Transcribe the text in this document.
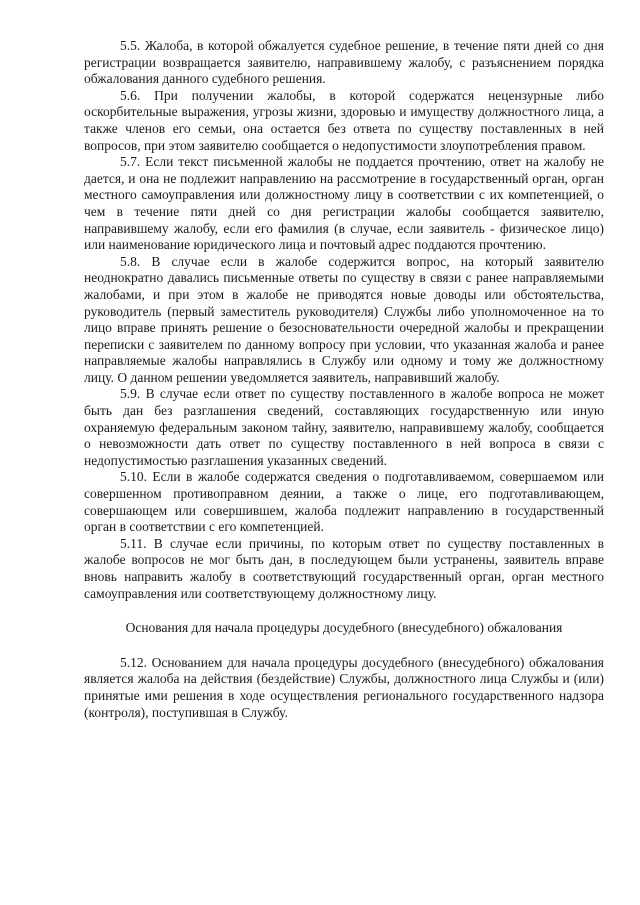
5.5. Жалоба, в которой обжалуется судебное решение, в течение пяти дней со дня регистрации возвращается заявителю, направившему жалобу, с разъяснением порядка обжалования данного судебного решения.

5.6. При получении жалобы, в которой содержатся нецензурные либо оскорбительные выражения, угрозы жизни, здоровью и имуществу должностного лица, а также членов его семьи, она остается без ответа по существу поставленных в ней вопросов, при этом заявителю сообщается о недопустимости злоупотребления правом.

5.7. Если текст письменной жалобы не поддается прочтению, ответ на жалобу не дается, и она не подлежит направлению на рассмотрение в государственный орган, орган местного самоуправления или должностному лицу в соответствии с их компетенцией, о чем в течение пяти дней со дня регистрации жалобы сообщается заявителю, направившему жалобу, если его фамилия (в случае, если заявитель - физическое лицо) или наименование юридического лица и почтовый адрес поддаются прочтению.

5.8. В случае если в жалобе содержится вопрос, на который заявителю неоднократно давались письменные ответы по существу в связи с ранее направляемыми жалобами, и при этом в жалобе не приводятся новые доводы или обстоятельства, руководитель (первый заместитель руководителя) Службы либо уполномоченное на то лицо вправе принять решение о безосновательности очередной жалобы и прекращении переписки с заявителем по данному вопросу при условии, что указанная жалоба и ранее направляемые жалобы направлялись в Службу или одному и тому же должностному лицу. О данном решении уведомляется заявитель, направивший жалобу.

5.9. В случае если ответ по существу поставленного в жалобе вопроса не может быть дан без разглашения сведений, составляющих государственную или иную охраняемую федеральным законом тайну, заявителю, направившему жалобу, сообщается о невозможности дать ответ по существу поставленного в ней вопроса в связи с недопустимостью разглашения указанных сведений.

5.10. Если в жалобе содержатся сведения о подготавливаемом, совершаемом или совершенном противоправном деянии, а также о лице, его подготавливающем, совершающем или совершившем, жалоба подлежит направлению в государственный орган в соответствии с его компетенцией.

5.11. В случае если причины, по которым ответ по существу поставленных в жалобе вопросов не мог быть дан, в последующем были устранены, заявитель вправе вновь направить жалобу в соответствующий государственный орган, орган местного самоуправления или соответствующему должностному лицу.

Основания для начала процедуры досудебного (внесудебного) обжалования

5.12. Основанием для начала процедуры досудебного (внесудебного) обжалования является жалоба на действия (бездействие) Службы, должностного лица Службы и (или) принятые ими решения в ходе осуществления регионального государственного надзора (контроля), поступившая в Службу.
